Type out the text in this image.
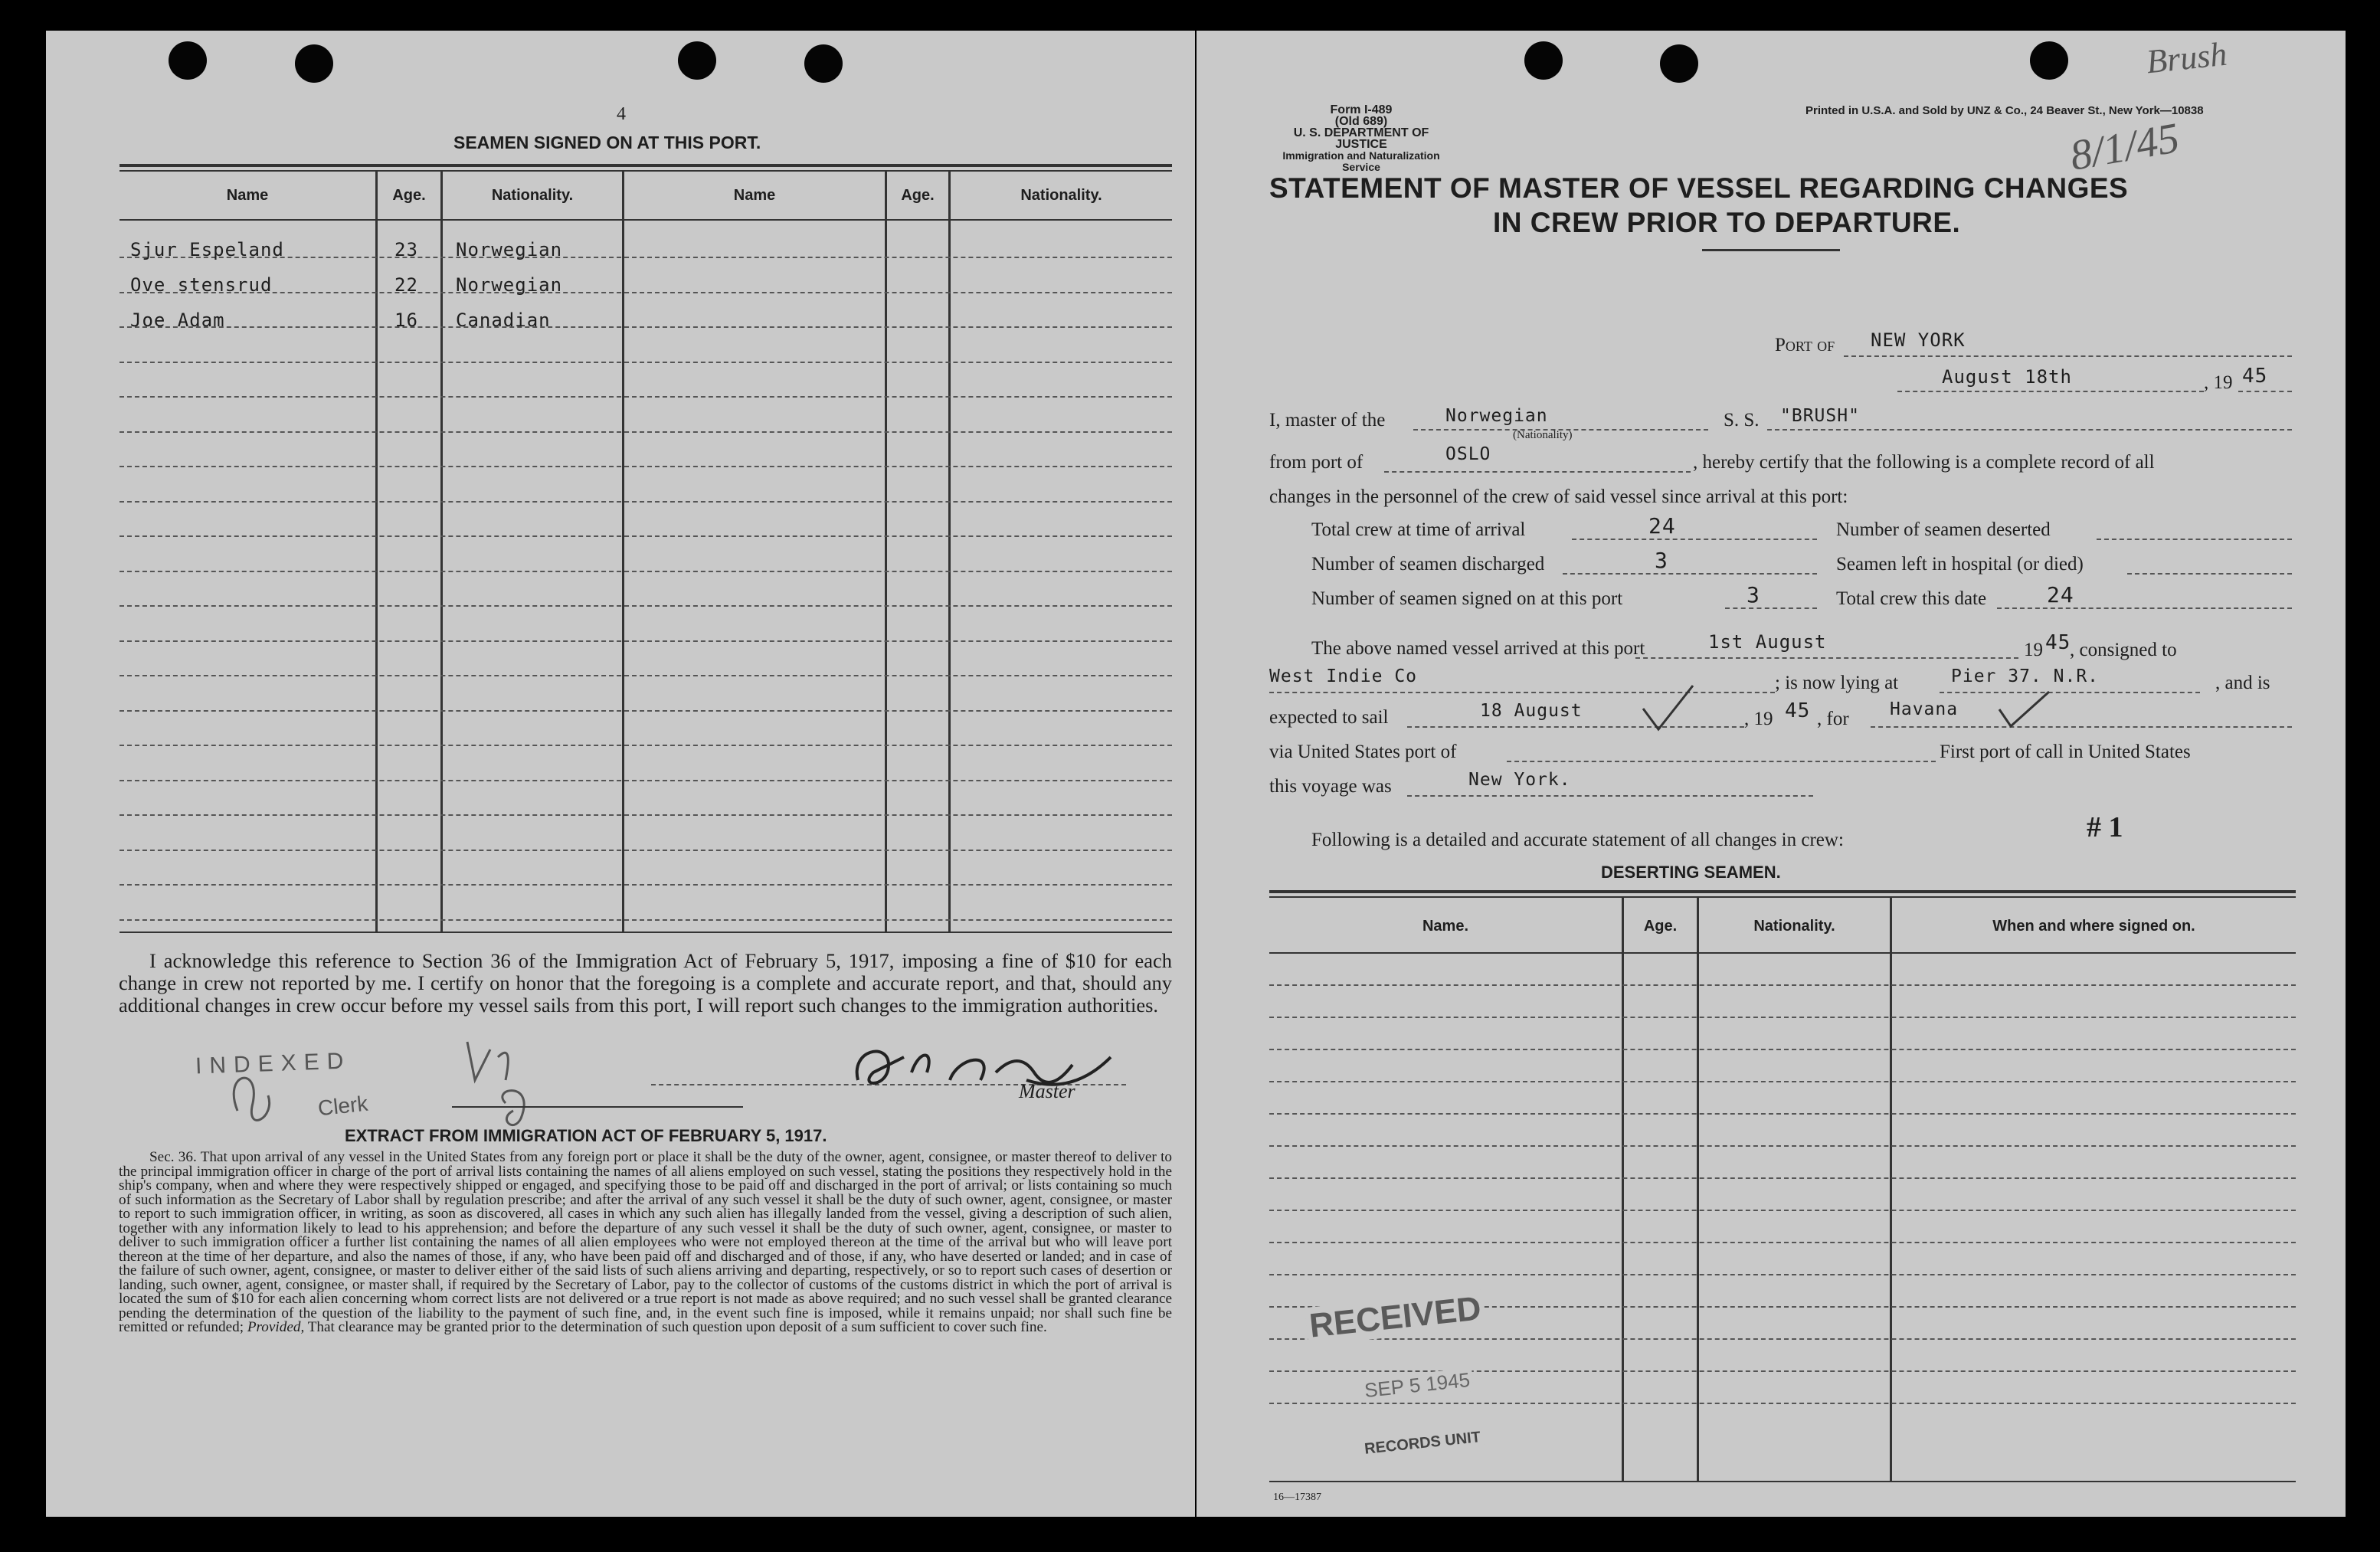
4
SEAMEN SIGNED ON AT THIS PORT.
Name	Age.	Nationality.	Name	Age.	Nationality.
Sjur Espeland	23 Norwegian
Ove stensrud	22 Norwegian
Joe Adam	16 Canadian
I acknowledge this reference to Section 36 of the Immigration Act of February 5, 1917, imposing a fine of $10 for each change in crew not reported by me. I certify on honor that the foregoing is a complete and accurate report, and that, should any additional changes in crew occur before my vessel sails from this port, I will report such changes to the immigration authorities.
Master
INDEXED
Clerk
EXTRACT FROM IMMIGRATION ACT OF FEBRUARY 5, 1917.
Sec. 36. That upon arrival of any vessel in the United States from any foreign port or place it shall be the duty of the owner, agent, consignee, or master thereof to deliver to the principal immigration officer in charge of the port of arrival lists containing the names of all aliens employed on such vessel, stating the positions they respectively hold in the ship's company, when and where they were respectively shipped or engaged, and specifying those to be paid off and discharged in the port of arrival; or lists containing so much of such information as the Secretary of Labor shall by regulation prescribe; and after the arrival of any such vessel it shall be the duty of such owner, agent, consignee, or master to report to such immigration officer, in writing, as soon as discovered, all cases in which any such alien has illegally landed from the vessel, giving a description of such alien, together with any information likely to lead to his apprehension; and before the departure of any such vessel it shall be the duty of such owner, agent, consignee, or master to deliver to such immigration officer a further list containing the names of all alien employees who were not employed thereon at the time of the arrival but who will leave port thereon at the time of her departure, and also the names of those, if any, who have been paid off and discharged and of those, if any, who have deserted or landed; and in case of the failure of such owner, agent, consignee, or master to deliver either of the said lists of such aliens arriving and departing, respectively, or so to report such cases of desertion or landing, such owner, agent, consignee, or master shall, if required by the Secretary of Labor, pay to the collector of customs of the customs district in which the port of arrival is located the sum of $10 for each alien concerning whom correct lists are not delivered or a true report is not made as above required; and no such vessel shall be granted clearance pending the determination of the question of the liability to the payment of such fine, and, in the event such fine is imposed, while it remains unpaid; nor shall such fine be remitted or refunded; Provided, That clearance may be granted prior to the determination of such question upon deposit of a sum sufficient to cover such fine.
Form I-489
(Old 689)
U. S. DEPARTMENT OF JUSTICE
Immigration and Naturalization Service
Printed in U.S.A. and Sold by UNZ & Co., 24 Beaver St., New York—10838
Brush
8/1/45
STATEMENT OF MASTER OF VESSEL REGARDING CHANGES
IN CREW PRIOR TO DEPARTURE.
Port of NEW YORK
August 18th	, 19 45
I, master of the	Norwegian
(Nationality)
S. S. "BRUSH"
from port of	OSLO	, hereby certify that the following is a complete record of all
changes in the personnel of the crew of said vessel since arrival at this port:
Total crew at time of arrival	24
Number of seamen discharged	3
Number of seamen signed on at this port	3
Number of seamen deserted
Seamen left in hospital (or died)
Total crew this date	24
The above named vessel arrived at this port	1st August	19 45
, consigned to
West Indie Co	; is now lying at	Pier 37. N.R.	, and is
expected to sail	18 August	, 19 45 , for Havana
via United States port of	First port of call in United States
this voyage was	New York.
Following is a detailed and accurate statement of all changes in crew:	# 1
DESERTING SEAMEN.
Name.	Age.	Nationality.	When and where signed on.
RECEIVED
SEP 5 1945
RECORDS UNIT
16—17387
